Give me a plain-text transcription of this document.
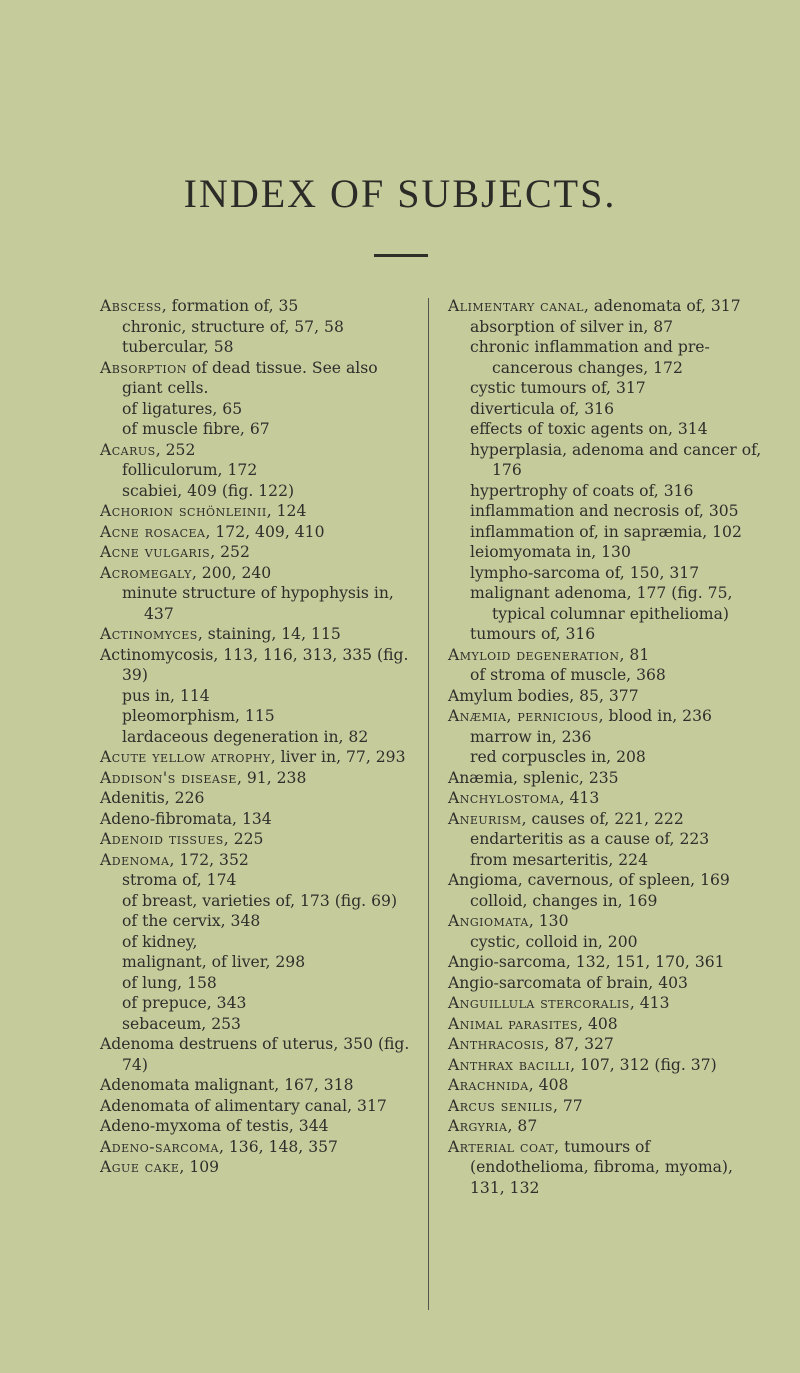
INDEX OF SUBJECTS.

Abscess, formation of, 35

chronic, structure of, 57, 58

tubercular, 58

Absorption of dead tissue. See also giant cells.

of ligatures, 65

of muscle fibre, 67

Acarus, 252

folliculorum, 172

scabiei, 409 (fig. 122)

Achorion schönleinii, 124

Acne rosacea, 172, 409, 410

Acne vulgaris, 252

Acromegaly, 200, 240

minute structure of hypophysis in, 437

Actinomyces, staining, 14, 115

Actinomycosis, 113, 116, 313, 335 (fig. 39)

pus in, 114

pleomorphism, 115

lardaceous degeneration in, 82

Acute yellow atrophy, liver in, 77, 293

Addison's disease, 91, 238

Adenitis, 226

Adeno-fibromata, 134

Adenoid tissues, 225

Adenoma, 172, 352

stroma of, 174

of breast, varieties of, 173 (fig. 69)

of the cervix, 348

of kidney,

malignant, of liver, 298

of lung, 158

of prepuce, 343

sebaceum, 253

Adenoma destruens of uterus, 350 (fig. 74)

Adenomata malignant, 167, 318

Adenomata of alimentary canal, 317

Adeno-myxoma of testis, 344

Adeno-sarcoma, 136, 148, 357

Ague cake, 109

Alimentary canal, adenomata of, 317

absorption of silver in, 87

chronic inflammation and pre-cancerous changes, 172

cystic tumours of, 317

diverticula of, 316

effects of toxic agents on, 314

hyperplasia, adenoma and cancer of, 176

hypertrophy of coats of, 316

inflammation and necrosis of, 305

inflammation of, in sapræmia, 102

leiomyomata in, 130

lympho-sarcoma of, 150, 317

malignant adenoma, 177 (fig. 75, typical columnar epithelioma)

tumours of, 316

Amyloid degeneration, 81

of stroma of muscle, 368

Amylum bodies, 85, 377

Anæmia, pernicious, blood in, 236

marrow in, 236

red corpuscles in, 208

Anæmia, splenic, 235

Anchylostoma, 413

Aneurism, causes of, 221, 222

endarteritis as a cause of, 223

from mesarteritis, 224

Angioma, cavernous, of spleen, 169

colloid, changes in, 169

Angiomata, 130

cystic, colloid in, 200

Angio-sarcoma, 132, 151, 170, 361

Angio-sarcomata of brain, 403

Anguillula stercoralis, 413

Animal parasites, 408

Anthracosis, 87, 327

Anthrax bacilli, 107, 312 (fig. 37)

Arachnida, 408

Arcus senilis, 77

Argyria, 87

Arterial coat, tumours of (endothelioma, fibroma, myoma), 131, 132
